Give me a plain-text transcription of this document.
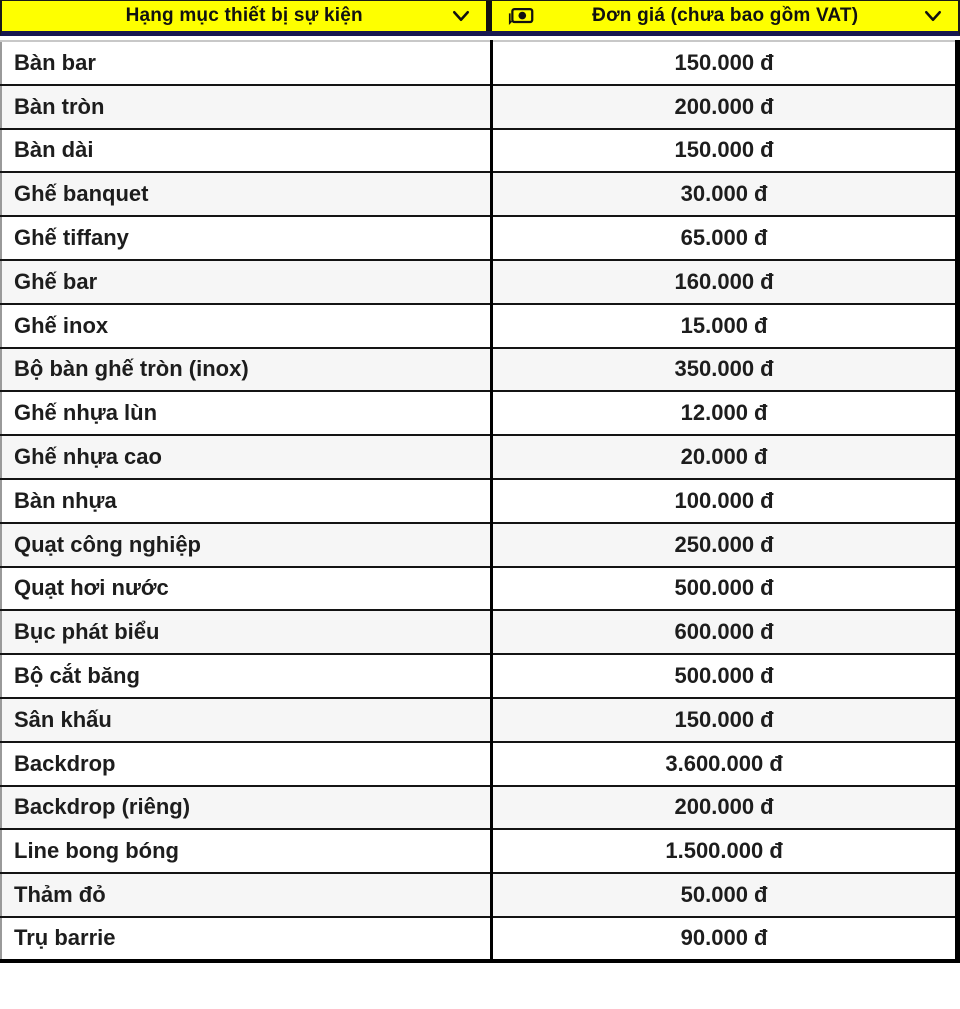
Hạng mục thiết bị sự kiện	Đơn giá (chưa bao gồm VAT)
Bàn bar	150.000 đ
Bàn tròn	200.000 đ
Bàn dài	150.000 đ
Ghế banquet	30.000 đ
Ghế tiffany	65.000 đ
Ghế bar	160.000 đ
Ghế inox	15.000 đ
Bộ bàn ghế tròn (inox)	350.000 đ
Ghế nhựa lùn	12.000 đ
Ghế nhựa cao	20.000 đ
Bàn nhựa	100.000 đ
Quạt công nghiệp	250.000 đ
Quạt hơi nước	500.000 đ
Bục phát biểu	600.000 đ
Bộ cắt băng	500.000 đ
Sân khấu	150.000 đ
Backdrop	3.600.000 đ
Backdrop (riêng)	200.000 đ
Line bong bóng	1.500.000 đ
Thảm đỏ	50.000 đ
Trụ barrie	90.000 đ
